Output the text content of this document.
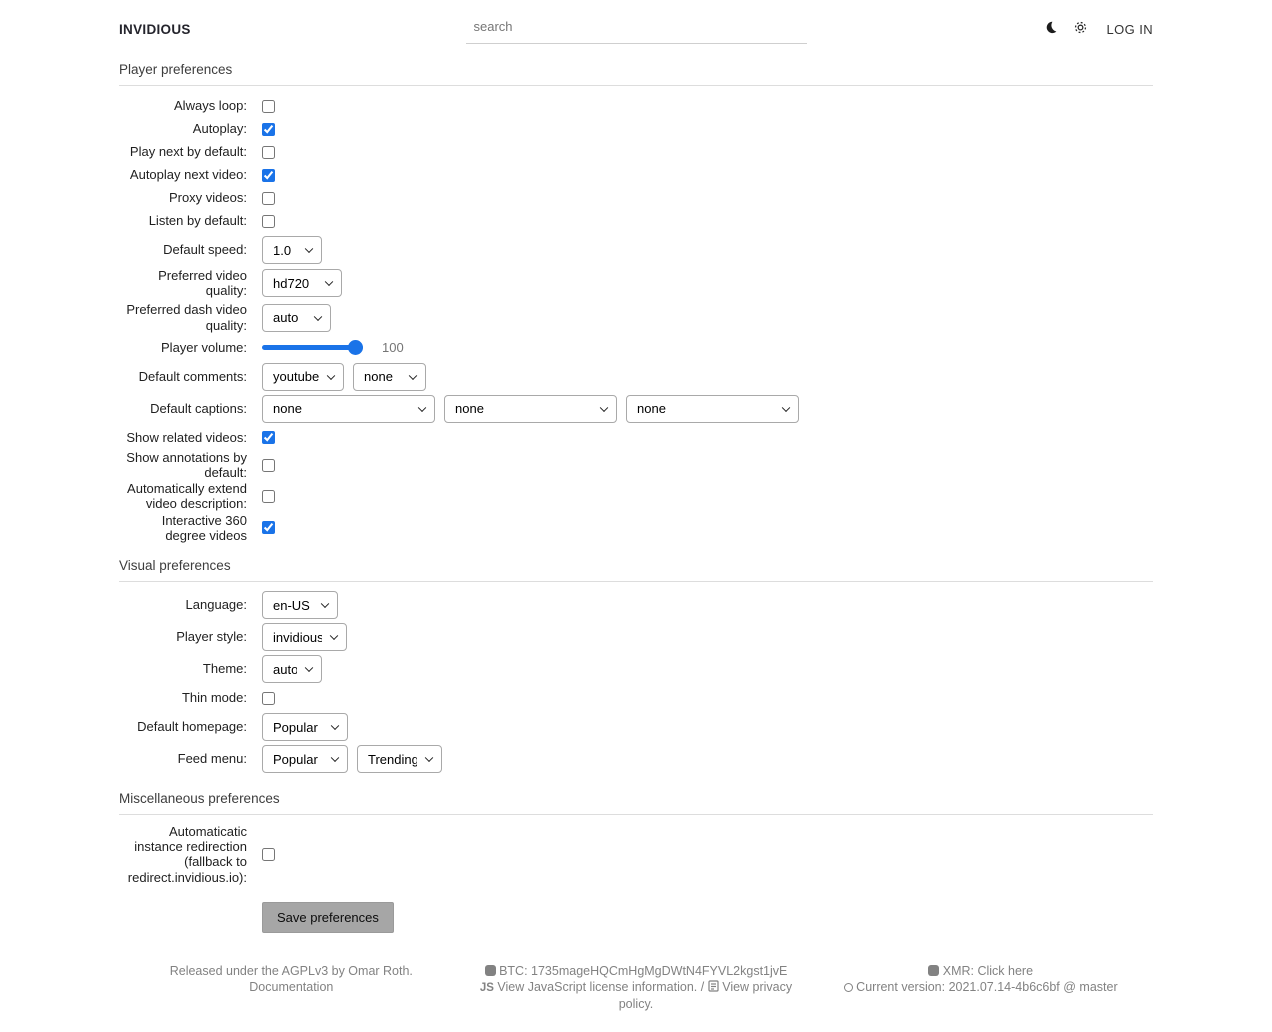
INVIDIOUS
search	LOG IN
Player preferences
Always loop:
Autoplay:
Play next by default:
Autoplay next video:
Proxy videos:
Listen by default:
Default speed:
1.0
Preferred video quality:
hd720
Preferred dash video quality:
auto
Player volume:	100
Default comments:
youtube
none
Default captions:
none
none
none
Show related videos:
Show annotations by default:
Automatically extend video description:
Interactive 360 degree videos
Visual preferences
Language:
en-US
Player style:
invidious
Theme:
auto
Thin mode:
Default homepage:
Popular
Feed menu:
Popular
Trending
Miscellaneous preferences
Automaticatic instance redirection (fallback to redirect.invidious.io):
Save preferences

Released under the AGPLv3 by Omar Roth.

Documentation

BTC: 1735mageHQCmHgMgDWtN4FYVL2kgst1jvE

JS View JavaScript license information. / View privacy policy.

XMR: Click here

Current version: 2021.07.14-4b6c6bf @ master
